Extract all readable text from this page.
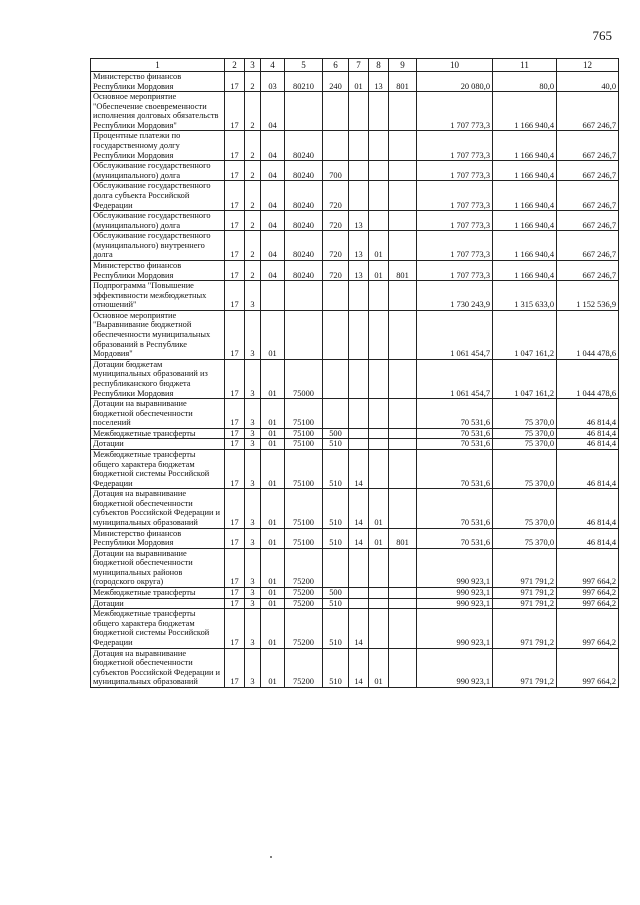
765
1	2	3	4	5	6	7	8	9	10	11	12
Министерство финансов Республики Мордовия	17	2	03	80210	240	01	13	801	20 080,0	80,0	40,0
Основное мероприятие "Обеспечение своевременности исполнения долговых обязательств Республики Мордовия"	17	2	04						1 707 773,3	1 166 940,4	667 246,7
Процентные платежи по государственному долгу Республики Мордовия	17	2	04	80240					1 707 773,3	1 166 940,4	667 246,7
Обслуживание государственного (муниципального) долга	17	2	04	80240	700				1 707 773,3	1 166 940,4	667 246,7
Обслуживание государственного долга субъекта Российской Федерации	17	2	04	80240	720				1 707 773,3	1 166 940,4	667 246,7
Обслуживание государственного (муниципального) долга	17	2	04	80240	720	13			1 707 773,3	1 166 940,4	667 246,7
Обслуживание государственного (муниципального) внутреннего долга	17	2	04	80240	720	13	01		1 707 773,3	1 166 940,4	667 246,7
Министерство финансов Республики Мордовия	17	2	04	80240	720	13	01	801	1 707 773,3	1 166 940,4	667 246,7
Подпрограмма "Повышение эффективности межбюджетных отношений"	17	3							1 730 243,9	1 315 633,0	1 152 536,9
Основное мероприятие "Выравнивание бюджетной обеспеченности муниципальных образований в Республике Мордовия"	17	3	01						1 061 454,7	1 047 161,2	1 044 478,6
Дотации бюджетам муниципальных образований из республиканского бюджета Республики Мордовия	17	3	01	75000					1 061 454,7	1 047 161,2	1 044 478,6
Дотации на выравнивание бюджетной обеспеченности поселений	17	3	01	75100					70 531,6	75 370,0	46 814,4
Межбюджетные трансферты	17	3	01	75100	500				70 531,6	75 370,0	46 814,4
Дотации	17	3	01	75100	510				70 531,6	75 370,0	46 814,4
Межбюджетные трансферты общего характера бюджетам бюджетной системы Российской Федерации	17	3	01	75100	510	14			70 531,6	75 370,0	46 814,4
Дотация на выравнивание бюджетной обеспеченности субъектов Российской Федерации и муниципальных образований	17	3	01	75100	510	14	01		70 531,6	75 370,0	46 814,4
Министерство финансов Республики Мордовия	17	3	01	75100	510	14	01	801	70 531,6	75 370,0	46 814,4
Дотации на выравнивание бюджетной обеспеченности муниципальных районов (городского округа)	17	3	01	75200					990 923,1	971 791,2	997 664,2
Межбюджетные трансферты	17	3	01	75200	500				990 923,1	971 791,2	997 664,2
Дотации	17	3	01	75200	510				990 923,1	971 791,2	997 664,2
Межбюджетные трансферты общего характера бюджетам бюджетной системы Российской Федерации	17	3	01	75200	510	14			990 923,1	971 791,2	997 664,2
Дотация на выравнивание бюджетной обеспеченности субъектов Российской Федерации и муниципальных образований	17	3	01	75200	510	14	01		990 923,1	971 791,2	997 664,2
